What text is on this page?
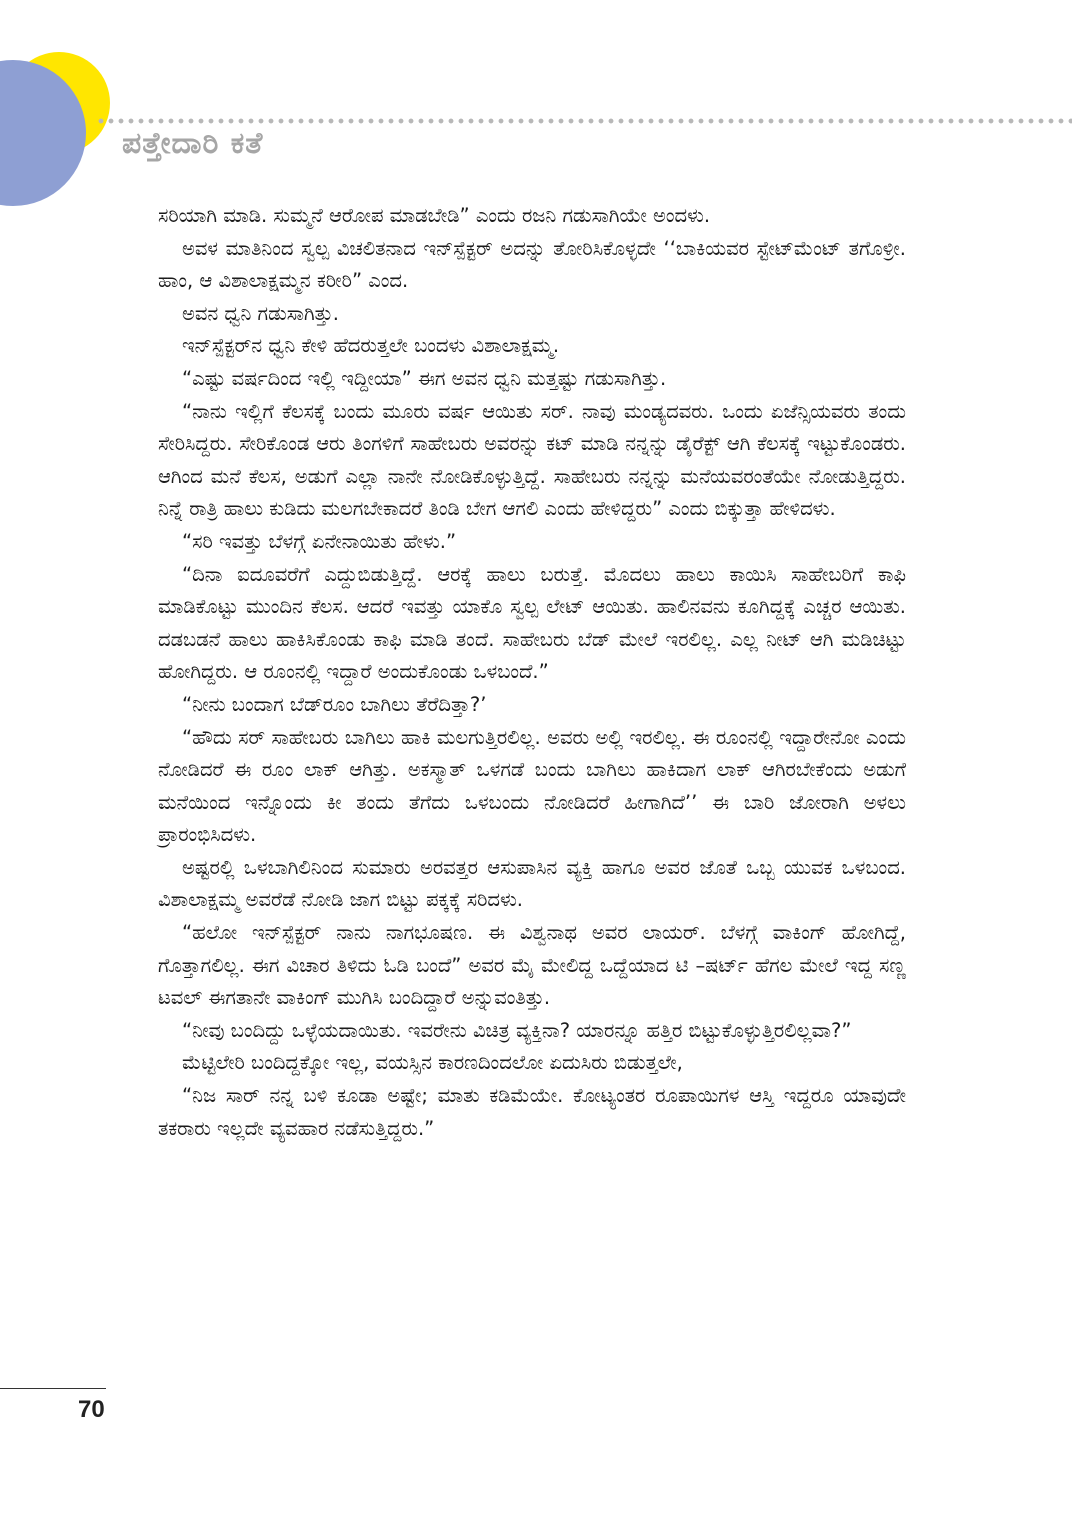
ಪತ್ತೇದಾರಿ ಕತೆ

ಸರಿಯಾಗಿ ಮಾಡಿ. ಸುಮ್ಮನೆ ಆರೋಪ ಮಾಡಬೇಡಿ” ಎಂದು ರಜನಿ ಗಡುಸಾಗಿಯೇ ಅಂದಳು.

ಅವಳ ಮಾತಿನಿಂದ ಸ್ವಲ್ಪ ವಿಚಲಿತನಾದ ಇನ್‌ಸ್ಪೆಕ್ಟರ್ ಅದನ್ನು ತೋರಿಸಿಕೊಳ್ಳದೇ ‘‘ಬಾಕಿಯವರ ಸ್ಟೇಟ್‌ಮೆಂಟ್ ತಗೊಳ್ರೀ. ಹಾಂ, ಆ ವಿಶಾಲಾಕ್ಷಮ್ಮನ ಕರೀರಿ” ಎಂದ.

ಅವನ ಧ್ವನಿ ಗಡುಸಾಗಿತ್ತು.

ಇನ್‌ಸ್ಪೆಕ್ಟರ್‌ನ ಧ್ವನಿ ಕೇಳಿ ಹೆದರುತ್ತಲೇ ಬಂದಳು ವಿಶಾಲಾಕ್ಷಮ್ಮ.

“ಎಷ್ಟು ವರ್ಷದಿಂದ ಇಲ್ಲಿ ಇದ್ದೀಯಾ” ಈಗ ಅವನ ಧ್ವನಿ ಮತ್ತಷ್ಟು ಗಡುಸಾಗಿತ್ತು.

“ನಾನು ಇಲ್ಲಿಗೆ ಕೆಲಸಕ್ಕೆ ಬಂದು ಮೂರು ವರ್ಷ ಆಯಿತು ಸರ್. ನಾವು ಮಂಡ್ಯದವರು. ಒಂದು ಏಜೆನ್ಸಿಯವರು ತಂದು ಸೇರಿಸಿದ್ದರು. ಸೇರಿಕೊಂಡ ಆರು ತಿಂಗಳಿಗೆ ಸಾಹೇಬರು ಅವರನ್ನು ಕಟ್ ಮಾಡಿ ನನ್ನನ್ನು ಡೈರೆಕ್ಟ್ ಆಗಿ ಕೆಲಸಕ್ಕೆ ಇಟ್ಟುಕೊಂಡರು. ಆಗಿಂದ ಮನೆ ಕೆಲಸ, ಅಡುಗೆ ಎಲ್ಲಾ ನಾನೇ ನೋಡಿಕೊಳ್ಳುತ್ತಿದ್ದೆ. ಸಾಹೇಬರು ನನ್ನನ್ನು ಮನೆಯವರಂತೆಯೇ ನೋಡುತ್ತಿದ್ದರು. ನಿನ್ನೆ ರಾತ್ರಿ ಹಾಲು ಕುಡಿದು ಮಲಗಬೇಕಾದರೆ ತಿಂಡಿ ಬೇಗ ಆಗಲಿ ಎಂದು ಹೇಳಿದ್ದರು” ಎಂದು ಬಿಕ್ಕುತ್ತಾ ಹೇಳಿದಳು.

“ಸರಿ ಇವತ್ತು ಬೆಳಗ್ಗೆ ಏನೇನಾಯಿತು ಹೇಳು.”

“ದಿನಾ ಐದೂವರೆಗೆ ಎದ್ದುಬಿಡುತ್ತಿದ್ದೆ. ಆರಕ್ಕೆ ಹಾಲು ಬರುತ್ತೆ. ಮೊದಲು ಹಾಲು ಕಾಯಿಸಿ ಸಾಹೇಬರಿಗೆ ಕಾಫಿ ಮಾಡಿಕೊಟ್ಟು ಮುಂದಿನ ಕೆಲಸ. ಆದರೆ ಇವತ್ತು ಯಾಕೊ ಸ್ವಲ್ಪ ಲೇಟ್ ಆಯಿತು. ಹಾಲಿನವನು ಕೂಗಿದ್ದಕ್ಕೆ ಎಚ್ಚರ ಆಯಿತು. ದಡಬಡನೆ ಹಾಲು ಹಾಕಿಸಿಕೊಂಡು ಕಾಫಿ ಮಾಡಿ ತಂದೆ. ಸಾಹೇಬರು ಬೆಡ್ ಮೇಲೆ ಇರಲಿಲ್ಲ. ಎಲ್ಲ ನೀಟ್ ಆಗಿ ಮಡಿಚಿಟ್ಟು ಹೋಗಿದ್ದರು. ಆ ರೂಂನಲ್ಲಿ ಇದ್ದಾರೆ ಅಂದುಕೊಂಡು ಒಳಬಂದೆ.”

“ನೀನು ಬಂದಾಗ ಬೆಡ್‌ರೂಂ ಬಾಗಿಲು ತೆರೆದಿತ್ತಾ?’

“ಹೌದು ಸರ್ ಸಾಹೇಬರು ಬಾಗಿಲು ಹಾಕಿ ಮಲಗುತ್ತಿರಲಿಲ್ಲ. ಅವರು ಅಲ್ಲಿ ಇರಲಿಲ್ಲ. ಈ ರೂಂನಲ್ಲಿ ಇದ್ದಾರೇನೋ ಎಂದು ನೋಡಿದರೆ ಈ ರೂಂ ಲಾಕ್ ಆಗಿತ್ತು. ಅಕಸ್ಮಾತ್ ಒಳಗಡೆ ಬಂದು ಬಾಗಿಲು ಹಾಕಿದಾಗ ಲಾಕ್ ಆಗಿರಬೇಕೆಂದು ಅಡುಗೆ ಮನೆಯಿಂದ ಇನ್ನೊಂದು ಕೀ ತಂದು ತೆಗೆದು ಒಳಬಂದು ನೋಡಿದರೆ ಹೀಗಾಗಿದೆ’’ ಈ ಬಾರಿ ಜೋರಾಗಿ ಅಳಲು ಪ್ರಾರಂಭಿಸಿದಳು.

ಅಷ್ಟರಲ್ಲಿ ಒಳಬಾಗಿಲಿನಿಂದ ಸುಮಾರು ಅರವತ್ತರ ಆಸುಪಾಸಿನ ವ್ಯಕ್ತಿ ಹಾಗೂ ಅವರ ಜೊತೆ ಒಬ್ಬ ಯುವಕ ಒಳಬಂದ. ವಿಶಾಲಾಕ್ಷಮ್ಮ ಅವರೆಡೆ ನೋಡಿ ಜಾಗ ಬಿಟ್ಟು ಪಕ್ಕಕ್ಕೆ ಸರಿದಳು.

“ಹಲೋ ಇನ್‌ಸ್ಪೆಕ್ಟರ್ ನಾನು ನಾಗಭೂಷಣ. ಈ ವಿಶ್ವನಾಥ ಅವರ ಲಾಯರ್. ಬೆಳಗ್ಗೆ ವಾಕಿಂಗ್ ಹೋಗಿದ್ದೆ, ಗೊತ್ತಾಗಲಿಲ್ಲ. ಈಗ ವಿಚಾರ ತಿಳಿದು ಓಡಿ ಬಂದೆ” ಅವರ ಮೈ ಮೇಲಿದ್ದ ಒದ್ದೆಯಾದ ಟಿ –ಷರ್ಟ್ ಹೆಗಲ ಮೇಲೆ ಇದ್ದ ಸಣ್ಣ ಟವಲ್ ಈಗತಾನೇ ವಾಕಿಂಗ್ ಮುಗಿಸಿ ಬಂದಿದ್ದಾರೆ ಅನ್ನುವಂತಿತ್ತು.

“ನೀವು ಬಂದಿದ್ದು ಒಳ್ಳೆಯದಾಯಿತು. ಇವರೇನು ವಿಚಿತ್ರ ವ್ಯಕ್ತಿನಾ? ಯಾರನ್ನೂ ಹತ್ತಿರ ಬಿಟ್ಟುಕೊಳ್ಳುತ್ತಿರಲಿಲ್ಲವಾ?”

ಮೆಟ್ಟಿಲೇರಿ ಬಂದಿದ್ದಕ್ಕೋ ಇಲ್ಲ, ವಯಸ್ಸಿನ ಕಾರಣದಿಂದಲೋ ಏದುಸಿರು ಬಿಡುತ್ತಲೇ,

“ನಿಜ ಸಾರ್ ನನ್ನ ಬಳಿ ಕೂಡಾ ಅಷ್ಟೇ; ಮಾತು ಕಡಿಮೆಯೇ. ಕೋಟ್ಯಂತರ ರೂಪಾಯಿಗಳ ಆಸ್ತಿ ಇದ್ದರೂ ಯಾವುದೇ ತಕರಾರು ಇಲ್ಲದೇ ವ್ಯವಹಾರ ನಡೆಸುತ್ತಿದ್ದರು.”

70
